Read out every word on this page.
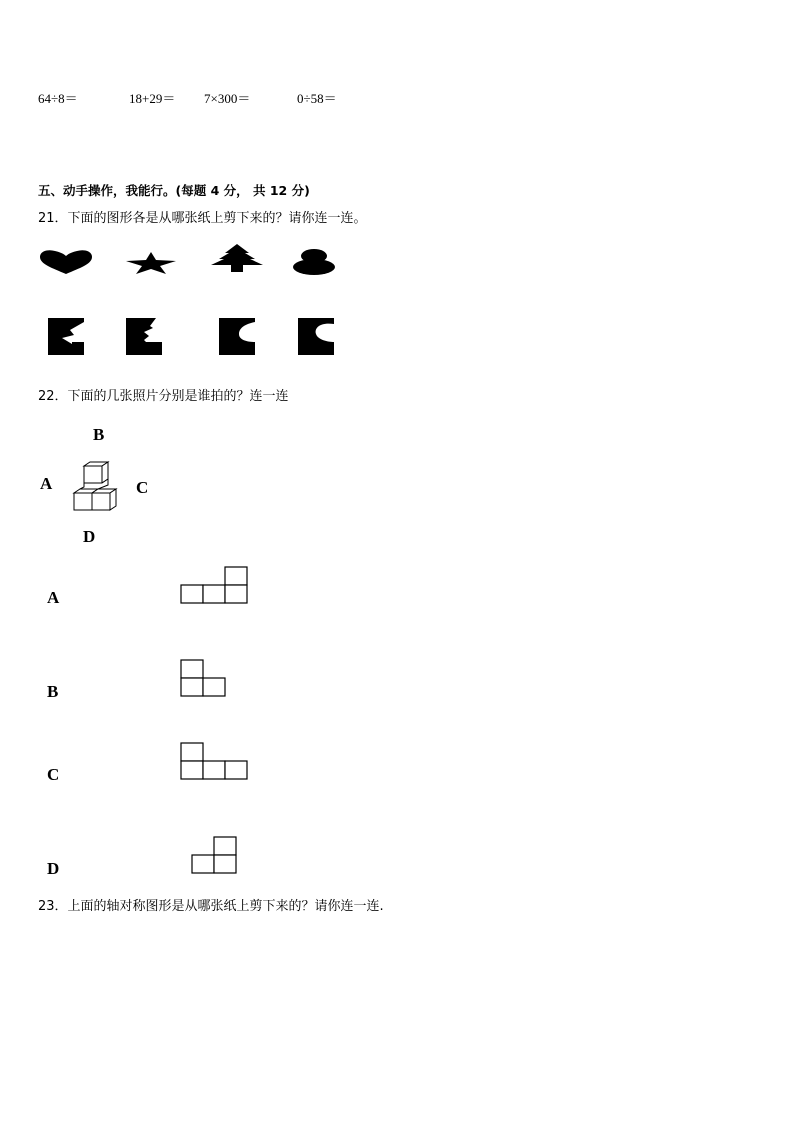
64÷8＝	18+29＝ 7×300＝	0÷58＝
五、动手操作，我能行。(每题 4 分， 共 12 分)
21．下面的图形各是从哪张纸上剪下来的？请你连一连。
22．下面的几张照片分别是谁拍的？连一连
B
A	C
D
A
B
C
D
23．上面的轴对称图形是从哪张纸上剪下来的？请你连一连.
